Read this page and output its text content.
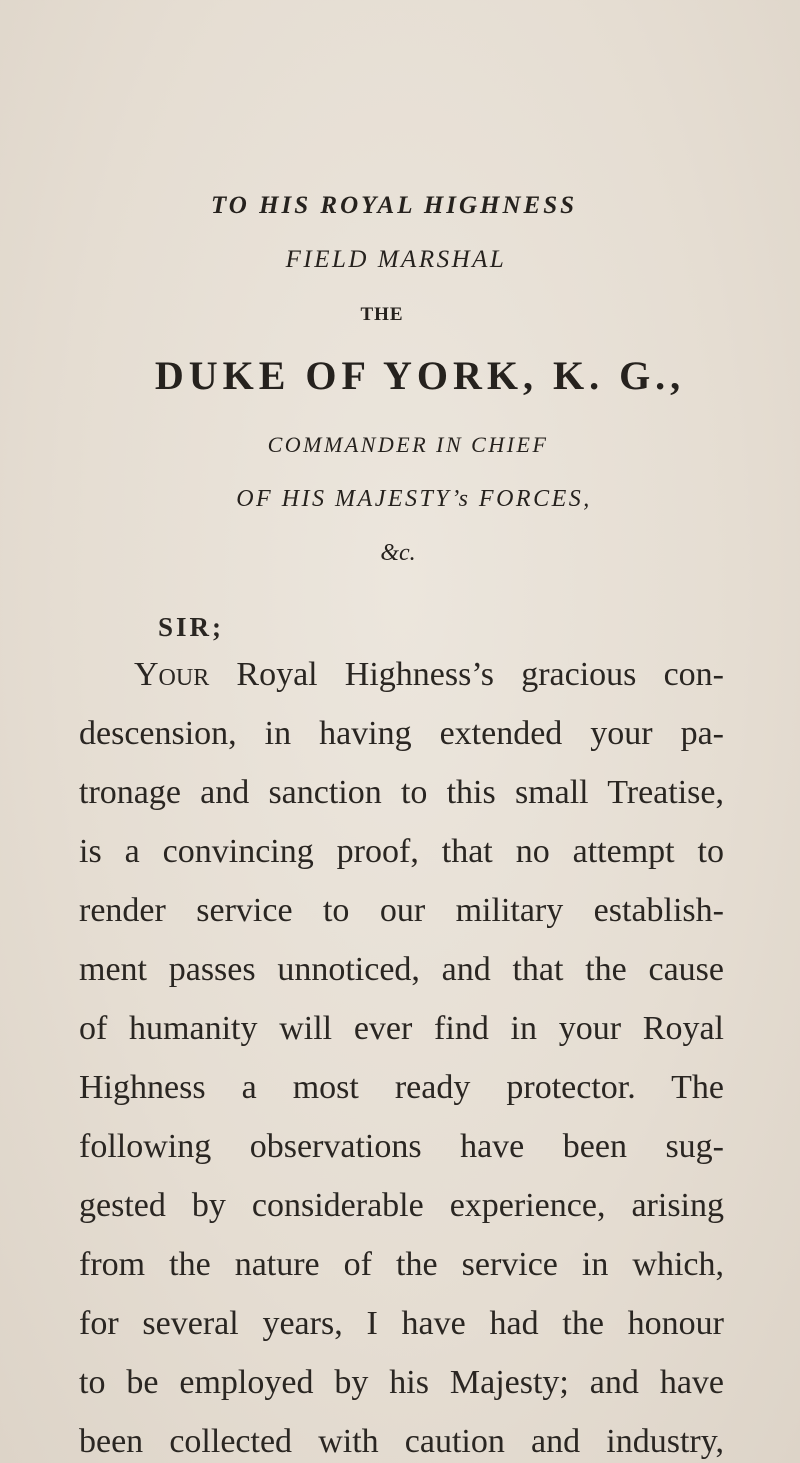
TO HIS ROYAL HIGHNESS
FIELD MARSHAL
THE
DUKE OF YORK, K. G.,
COMMANDER IN CHIEF
OF HIS MAJESTY’s FORCES,
&c.
SIR;
Your Royal Highness’s gracious con-
descension, in having extended your pa-
tronage and sanction to this small Treatise,
is a convincing proof, that no attempt to
render service to our military establish-
ment passes unnoticed, and that the cause
of humanity will ever find in your Royal
Highness a most ready protector. The
following observations have been sug-
gested by considerable experience, arising
from the nature of the service in which,
for several years, I have had the honour
to be employed by his Majesty; and have
been collected with caution and industry,
